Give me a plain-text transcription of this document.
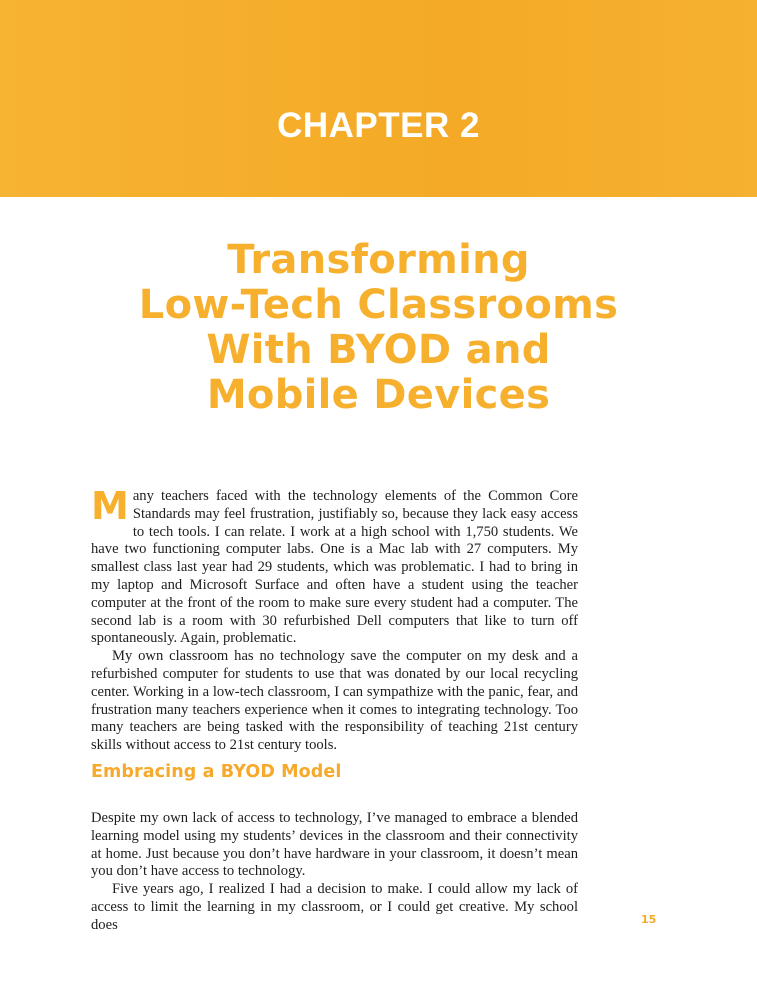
CHAPTER 2
Transforming
Low-Tech Classrooms
With BYOD and
Mobile Devices

Many teachers faced with the technology elements of the Common Core Standards may feel frustration, justifiably so, because they lack easy access to tech tools. I can relate. I work at a high school with 1,750 students. We have two functioning computer labs. One is a Mac lab with 27 computers. My smallest class last year had 29 students, which was problematic. I had to bring in my laptop and Microsoft Surface and often have a student using the teacher computer at the front of the room to make sure every student had a computer. The second lab is a room with 30 refurbished Dell computers that like to turn off spontaneously. Again, problematic.

My own classroom has no technology save the computer on my desk and a refurbished computer for students to use that was donated by our local recycling center. Working in a low-tech classroom, I can sympathize with the panic, fear, and frustration many teachers experience when it comes to integrating technology. Too many teachers are being tasked with the responsibility of teaching 21st century skills without access to 21st century tools.

Embracing a BYOD Model

Despite my own lack of access to technology, I’ve managed to embrace a blended learning model using my students’ devices in the classroom and their connectivity at home. Just because you don’t have hardware in your classroom, it doesn’t mean you don’t have access to technology.

Five years ago, I realized I had a decision to make. I could allow my lack of access to limit the learning in my classroom, or I could get creative. My school does	15
